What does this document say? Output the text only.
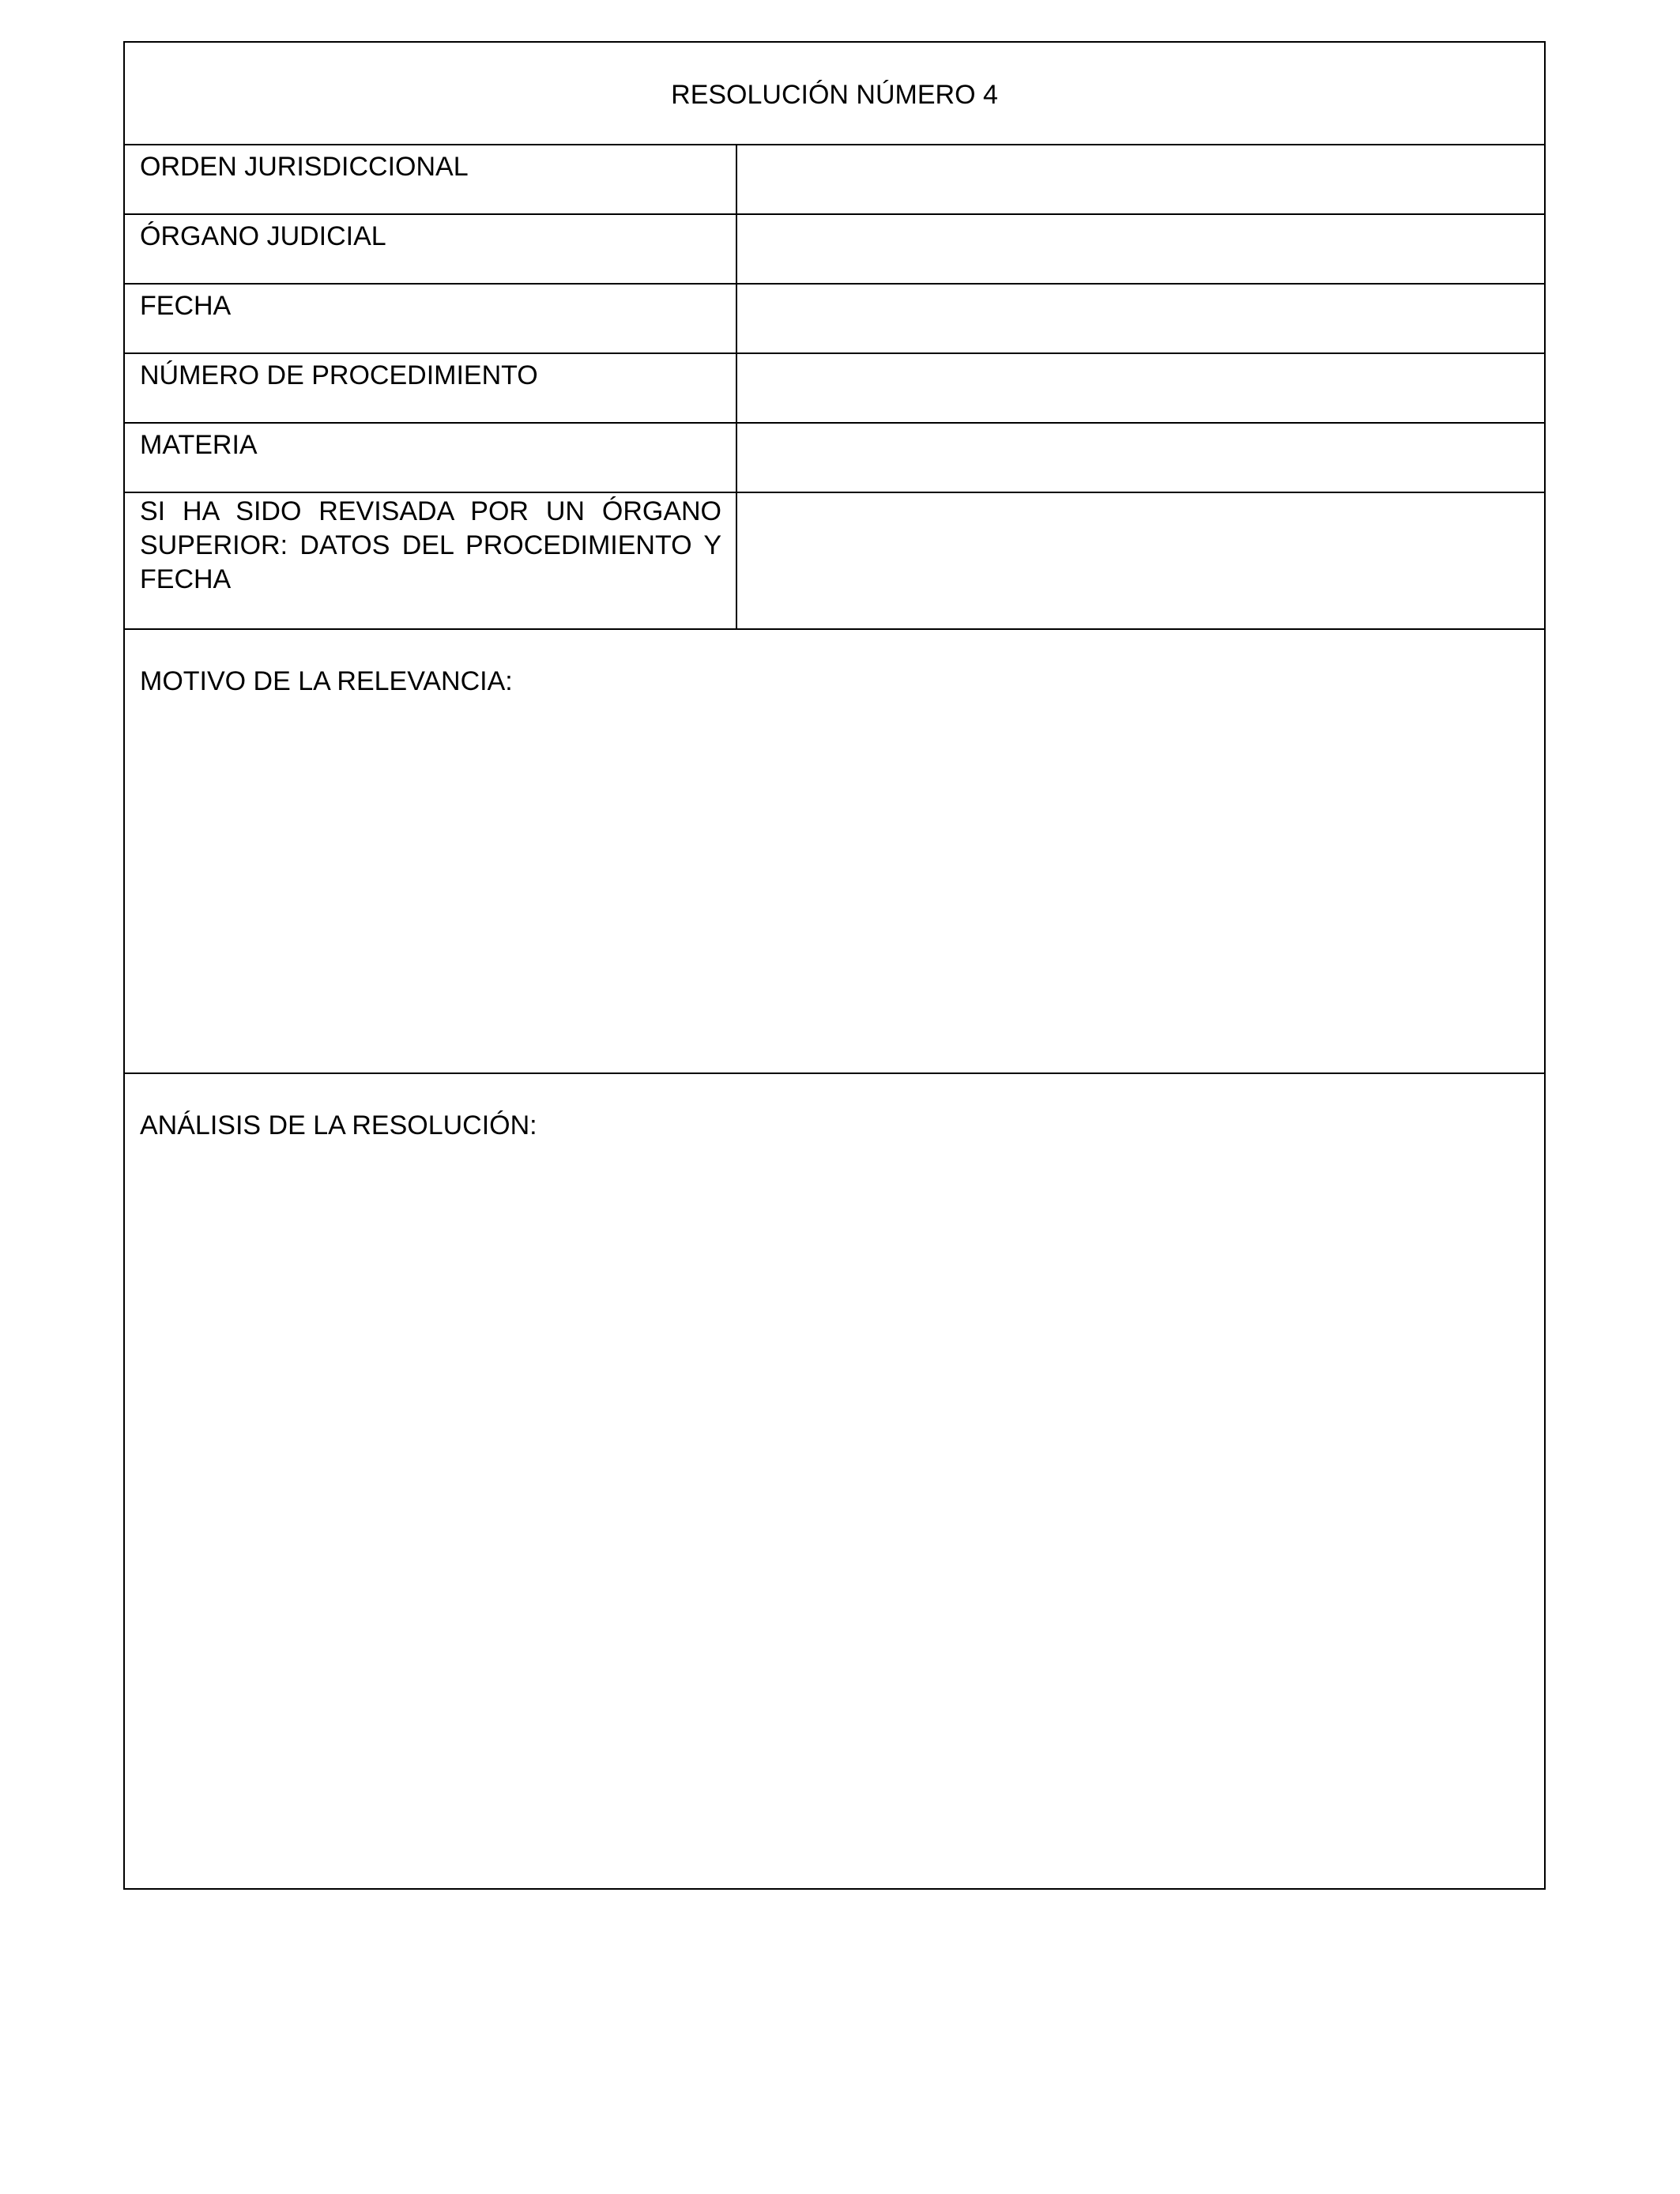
RESOLUCIÓN NÚMERO 4	

ORDEN JURISDICCIONAL	

ÓRGANO JUDICIAL	

FECHA	

NÚMERO DE PROCEDIMIENTO	

MATERIA	

SI HA SIDO REVISADA POR UN ÓRGANO SUPERIOR: DATOS DEL PROCEDIMIENTO Y FECHA	

MOTIVO DE LA RELEVANCIA:	

ANÁLISIS DE LA RESOLUCIÓN:	
